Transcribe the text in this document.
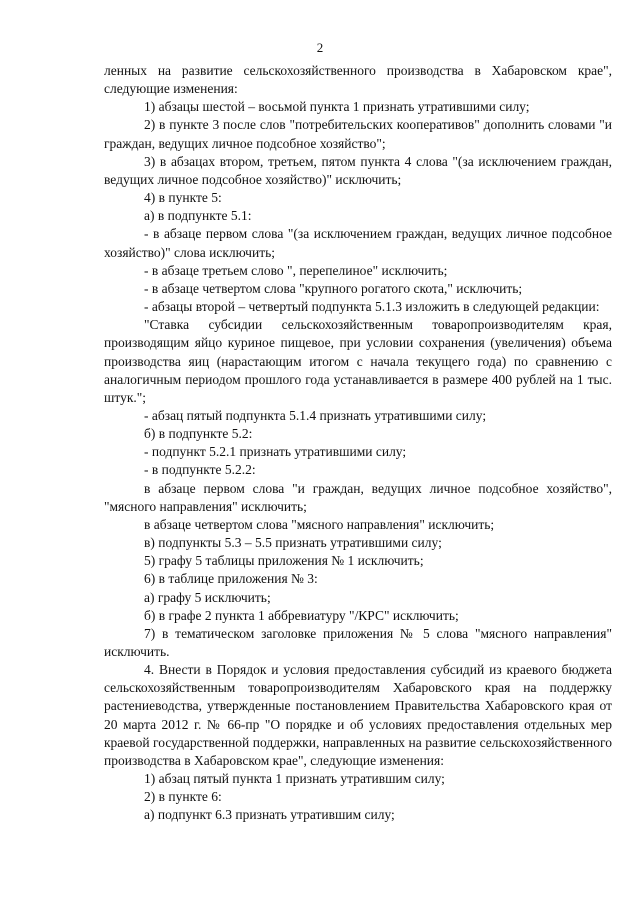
2

ленных на развитие сельскохозяйственного производства в Хабаровском крае", следующие изменения:

1) абзацы шестой – восьмой пункта 1 признать утратившими силу;

2) в пункте 3 после слов "потребительских кооперативов" дополнить словами "и граждан, ведущих личное подсобное хозяйство";

3) в абзацах втором, третьем, пятом пункта 4 слова "(за исключением граждан, ведущих личное подсобное хозяйство)" исключить;

4) в пункте 5:

а) в подпункте 5.1:

- в абзаце первом слова "(за исключением граждан, ведущих личное подсобное хозяйство)" слова исключить;

- в абзаце третьем слово ", перепелиное" исключить;

- в абзаце четвертом слова "крупного рогатого скота," исключить;

- абзацы второй – четвертый подпункта 5.1.3 изложить в следующей редакции:

"Ставка субсидии сельскохозяйственным товаропроизводителям края, производящим яйцо куриное пищевое, при условии сохранения (увеличения) объема производства яиц (нарастающим итогом с начала текущего года) по сравнению с аналогичным периодом прошлого года устанавливается в размере 400 рублей на 1 тыс. штук.";

- абзац пятый подпункта 5.1.4 признать утратившими силу;

б) в подпункте 5.2:

- подпункт 5.2.1 признать утратившими силу;

- в подпункте 5.2.2:

в абзаце первом слова "и граждан, ведущих личное подсобное хозяйство", "мясного направления" исключить;

в абзаце четвертом слова "мясного направления" исключить;

в) подпункты 5.3 – 5.5 признать утратившими силу;

5) графу 5 таблицы приложения № 1 исключить;

6) в таблице приложения № 3:

а) графу 5 исключить;

б) в графе 2 пункта 1 аббревиатуру "/КРС" исключить;

7) в тематическом заголовке приложения № 5 слова "мясного направления" исключить.

4. Внести в Порядок и условия предоставления субсидий из краевого бюджета сельскохозяйственным товаропроизводителям Хабаровского края на поддержку растениеводства, утвержденные постановлением Правительства Хабаровского края от 20 марта 2012 г. № 66-пр "О порядке и об условиях предоставления отдельных мер краевой государственной поддержки, направленных на развитие сельскохозяйственного производства в Хабаровском крае", следующие изменения:

1) абзац пятый пункта 1 признать утратившим силу;

2) в пункте 6:

а) подпункт 6.3 признать утратившим силу;
